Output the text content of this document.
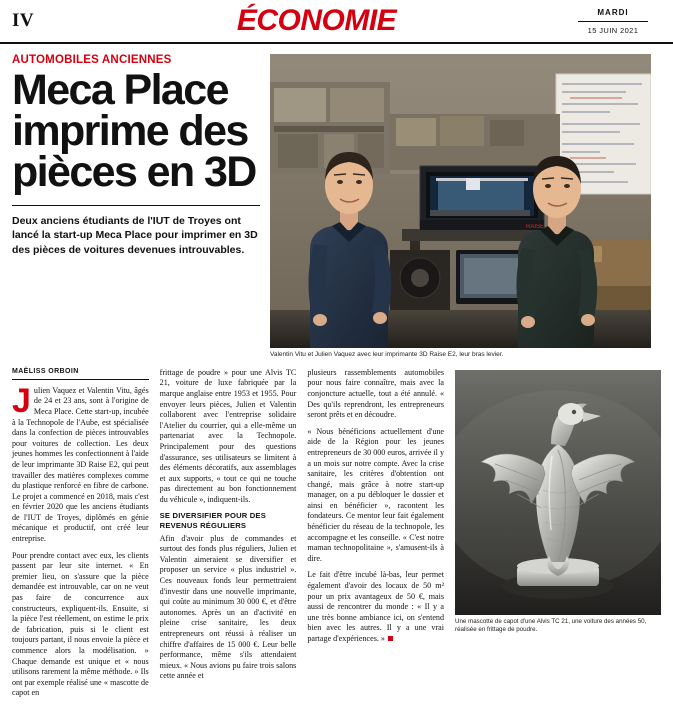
IV	ÉCONOMIE	MARDI
15 JUIN 2021
AUTOMOBILES ANCIENNES
Meca Place imprime des pièces en 3D
Deux anciens étudiants de l'IUT de Troyes ont lancé la start-up Meca Place pour imprimer en 3D des pièces de voitures devenues introuvables.
RAISE
Valentin Vitu et Julien Vaquez avec leur imprimante 3D Raise E2, leur bras levier.
MAËLISS ORBOIN

Julien Vaquez et Valentin Vitu, âgés de 24 et 23 ans, sont à l'origine de Meca Place. Cette start-up, incubée à la Technopole de l'Aube, est spécialisée dans la confection de pièces introuvables pour voitures de collection. Les deux jeunes hommes les confectionnent à l'aide de leur imprimante 3D Raise E2, qui peut travailler des matières complexes comme du plastique renforcé en fibre de carbone. Le projet a commencé en 2018, mais c'est en février 2020 que les anciens étudiants de l'IUT de Troyes, diplômés en génie mécanique et productif, ont créé leur entreprise.

Pour prendre contact avec eux, les clients passent par leur site internet. « En premier lieu, on s'assure que la pièce demandée est introuvable, car on ne veut pas faire de concurrence aux constructeurs, expliquent-ils. Ensuite, si la pièce l'est réellement, on estime le prix de fabrication, puis si le client est toujours partant, il nous envoie la pièce et commence alors la modélisation. » Chaque demande est unique et « nous utilisons rarement la même méthode. » Ils ont par exemple réalisé une « mascotte de capot en

frittage de poudre » pour une Alvis TC 21, voiture de luxe fabriquée par la marque anglaise entre 1953 et 1955. Pour envoyer leurs pièces, Julien et Valentin collaborent avec l'entreprise solidaire l'Atelier du courrier, qui a elle-même un partenariat avec la Technopole. Principalement pour des questions d'assurance, ses utilisateurs se limitent à des éléments décoratifs, aux assemblages et aux supports, « tout ce qui ne touche pas directement au bon fonctionnement du véhicule », indiquent-ils.

SE DIVERSIFIER POUR DES REVENUS RÉGULIERS

Afin d'avoir plus de commandes et surtout des fonds plus réguliers, Julien et Valentin aimeraient se diversifier et proposer un service « plus industriel ». Ces nouveaux fonds leur permettraient d'investir dans une nouvelle imprimante, qui coûte au minimum 30 000 €, et d'être autonomes. Après un an d'activité en pleine crise sanitaire, les deux entrepreneurs ont réussi à réaliser un chiffre d'affaires de 15 000 €. Leur belle performance, même s'ils attendaient mieux. « Nous avions pu faire trois salons cette année et

plusieurs rassemblements automobiles pour nous faire connaître, mais avec la conjoncture actuelle, tout a été annulé. « Des qu'ils reprendront, les entrepreneurs seront prêts et en découdre.

« Nous bénéficions actuellement d'une aide de la Région pour les jeunes entrepreneurs de 30 000 euros, arrivée il y a un mois sur notre compte. Avec la crise sanitaire, les critères d'obtention ont changé, mais grâce à notre start-up manager, on a pu débloquer le dossier et ainsi en bénéficier », racontent les fondateurs. Ce mentor leur fait également bénéficier du réseau de la technopole, les accompagne et les conseille. « C'est notre maman technopolitaine », s'amusent-ils à dire.

Le fait d'être incubé là-bas, leur permet également d'avoir des locaux de 50 m² pour un prix avantageux de 50 €, mais aussi de rencontrer du monde : « Il y a une très bonne ambiance ici, on s'entend bien avec les autres. Il y a une vrai partage d'expériences. »

Une mascotte de capot d'une Alvis TC 21, une voiture des années 50, réalisée en frittage de poudre.
